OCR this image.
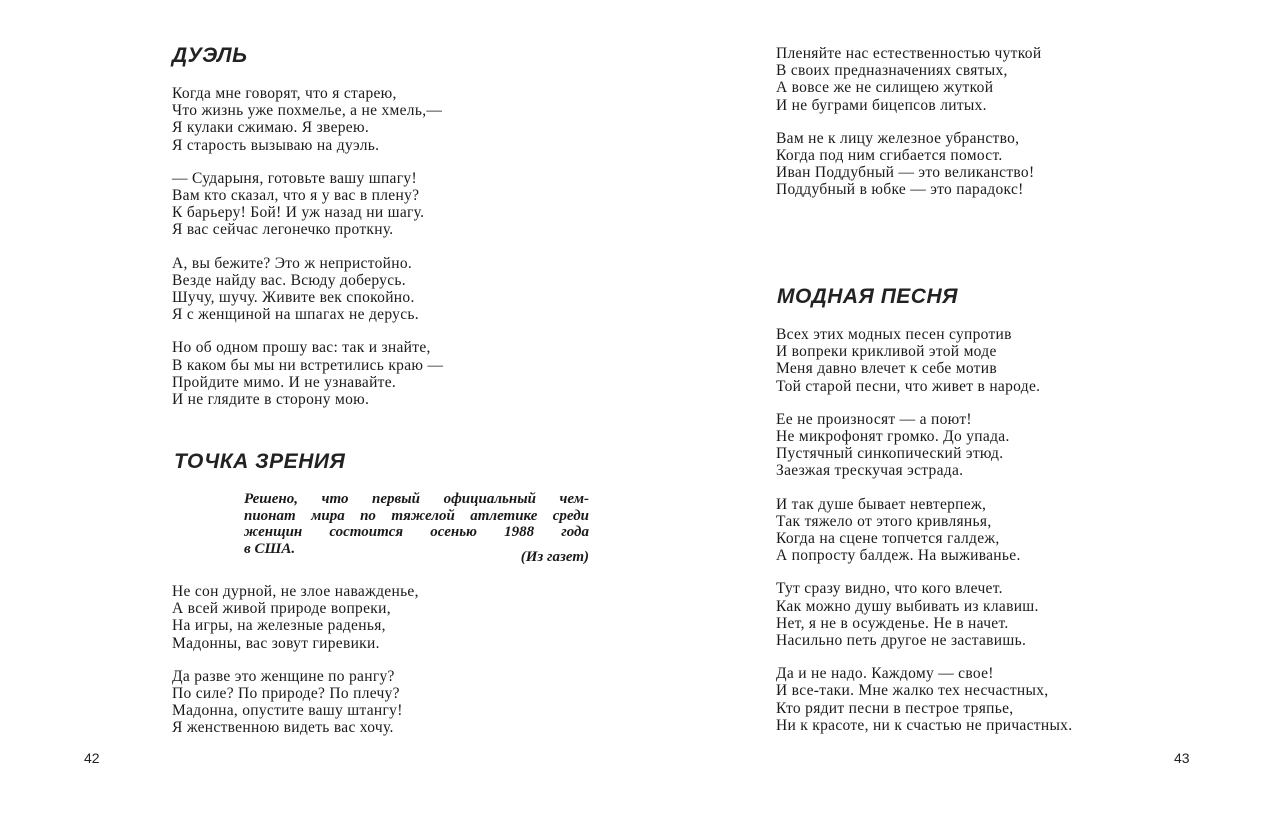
ДУЭЛЬ
Когда мне говорят, что я старею,
Что жизнь уже похмелье, а не хмель,—
Я кулаки сжимаю. Я зверею.
Я старость вызываю на дуэль.
— Сударыня, готовьте вашу шпагу!
Вам кто сказал, что я у вас в плену?
К барьеру! Бой! И уж назад ни шагу.
Я вас сейчас легонечко проткну.
А, вы бежите? Это ж непристойно.
Везде найду вас. Всюду доберусь.
Шучу, шучу. Живите век спокойно.
Я с женщиной на шпагах не дерусь.
Но об одном прошу вас: так и знайте,
В каком бы мы ни встретились краю —
Пройдите мимо. И не узнавайте.
И не глядите в сторону мою.
ТОЧКА ЗРЕНИЯ
Решено, что первый официальный чем-
пионат мира по тяжелой атлетике среди
женщин состоится осенью 1988 года
в США.
(Из газет)
Не сон дурной, не злое наважденье,
А всей живой природе вопреки,
На игры, на железные раденья,
Мадонны, вас зовут гиревики.
Да разве это женщине по рангу?
По силе? По природе? По плечу?
Мадонна, опустите вашу штангу!
Я женственною видеть вас хочу.
42
Пленяйте нас естественностью чуткой
В своих предназначениях святых,
А вовсе же не силищею жуткой
И не буграми бицепсов литых.
Вам не к лицу железное убранство,
Когда под ним сгибается помост.
Иван Поддубный — это великанство!
Поддубный в юбке — это парадокс!
МОДНАЯ ПЕСНЯ
Всех этих модных песен супротив
И вопреки крикливой этой моде
Меня давно влечет к себе мотив
Той старой песни, что живет в народе.
Ее не произносят — а поют!
Не микрофонят громко. До упада.
Пустячный синкопический этюд.
Заезжая трескучая эстрада.
И так душе бывает невтерпеж,
Так тяжело от этого кривлянья,
Когда на сцене топчется галдеж,
А попросту балдеж. На выживанье.
Тут сразу видно, что кого влечет.
Как можно душу выбивать из клавиш.
Нет, я не в осужденье. Не в начет.
Насильно петь другое не заставишь.
Да и не надо. Каждому — свое!
И все-таки. Мне жалко тех несчастных,
Кто рядит песни в пестрое тряпье,
Ни к красоте, ни к счастью не причастных.
43
